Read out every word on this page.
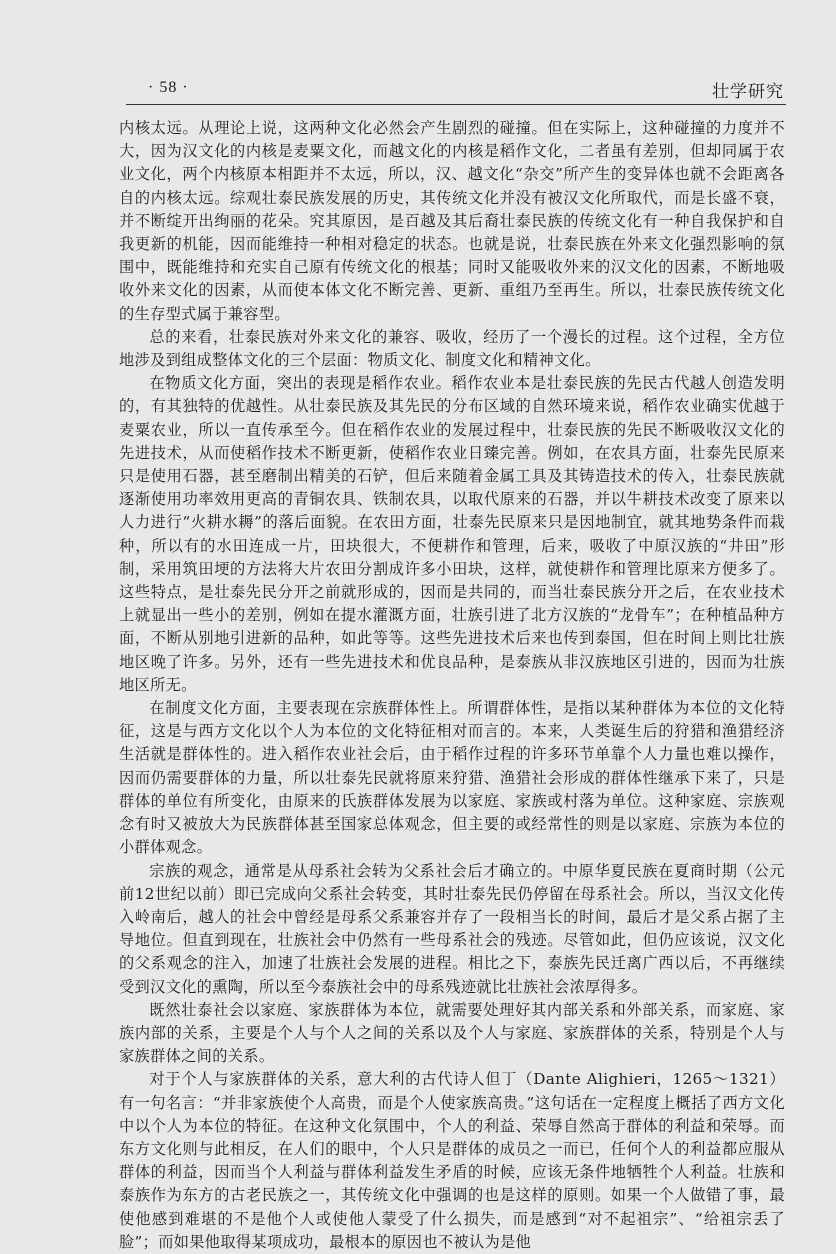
· 58 ·	壮学研究

内核太远。从理论上说，这两种文化必然会产生剧烈的碰撞。但在实际上，这种碰撞的力度并不大，因为汉文化的内核是麦粟文化，而越文化的内核是稻作文化，二者虽有差别，但却同属于农业文化，两个内核原本相距并不太远，所以，汉、越文化“杂交”所产生的变异体也就不会距离各自的内核太远。综观壮泰民族发展的历史，其传统文化并没有被汉文化所取代，而是长盛不衰，并不断绽开出绚丽的花朵。究其原因，是百越及其后裔壮泰民族的传统文化有一种自我保护和自我更新的机能，因而能维持一种相对稳定的状态。也就是说，壮泰民族在外来文化强烈影响的氛围中，既能维持和充实自己原有传统文化的根基；同时又能吸收外来的汉文化的因素，不断地吸收外来文化的因素，从而使本体文化不断完善、更新、重组乃至再生。所以，壮泰民族传统文化的生存型式属于兼容型。

总的来看，壮泰民族对外来文化的兼容、吸收，经历了一个漫长的过程。这个过程，全方位地涉及到组成整体文化的三个层面：物质文化、制度文化和精神文化。

在物质文化方面，突出的表现是稻作农业。稻作农业本是壮泰民族的先民古代越人创造发明的，有其独特的优越性。从壮泰民族及其先民的分布区域的自然环境来说，稻作农业确实优越于麦粟农业，所以一直传承至今。但在稻作农业的发展过程中，壮泰民族的先民不断吸收汉文化的先进技术，从而使稻作技术不断更新，使稻作农业日臻完善。例如，在农具方面，壮泰先民原来只是使用石器，甚至磨制出精美的石铲，但后来随着金属工具及其铸造技术的传入，壮泰民族就逐渐使用功率效用更高的青铜农具、铁制农具，以取代原来的石器，并以牛耕技术改变了原来以人力进行“火耕水耨”的落后面貌。在农田方面，壮泰先民原来只是因地制宜，就其地势条件而栽种，所以有的水田连成一片，田块很大，不便耕作和管理，后来，吸收了中原汉族的“井田”形制，采用筑田埂的方法将大片农田分割成许多小田块，这样，就使耕作和管理比原来方便多了。这些特点，是壮泰先民分开之前就形成的，因而是共同的，而当壮泰民族分开之后，在农业技术上就显出一些小的差别，例如在提水灌溉方面，壮族引进了北方汉族的“龙骨车”；在种植品种方面，不断从别地引进新的品种，如此等等。这些先进技术后来也传到泰国，但在时间上则比壮族地区晚了许多。另外，还有一些先进技术和优良品种，是泰族从非汉族地区引进的，因而为壮族地区所无。

在制度文化方面，主要表现在宗族群体性上。所谓群体性，是指以某种群体为本位的文化特征，这是与西方文化以个人为本位的文化特征相对而言的。本来，人类诞生后的狩猎和渔猎经济生活就是群体性的。进入稻作农业社会后，由于稻作过程的许多环节单靠个人力量也难以操作，因而仍需要群体的力量，所以壮泰先民就将原来狩猎、渔猎社会形成的群体性继承下来了，只是群体的单位有所变化，由原来的氏族群体发展为以家庭、家族或村落为单位。这种家庭、宗族观念有时又被放大为民族群体甚至国家总体观念，但主要的或经常性的则是以家庭、宗族为本位的小群体观念。

宗族的观念，通常是从母系社会转为父系社会后才确立的。中原华夏民族在夏商时期（公元前12世纪以前）即已完成向父系社会转变，其时壮泰先民仍停留在母系社会。所以，当汉文化传入岭南后，越人的社会中曾经是母系父系兼容并存了一段相当长的时间，最后才是父系占据了主导地位。但直到现在，壮族社会中仍然有一些母系社会的残迹。尽管如此，但仍应该说，汉文化的父系观念的注入，加速了壮族社会发展的进程。相比之下，泰族先民迁离广西以后，不再继续受到汉文化的熏陶，所以至今泰族社会中的母系残迹就比壮族社会浓厚得多。

既然壮泰社会以家庭、家族群体为本位，就需要处理好其内部关系和外部关系，而家庭、家族内部的关系，主要是个人与个人之间的关系以及个人与家庭、家族群体的关系，特别是个人与家族群体之间的关系。

对于个人与家族群体的关系，意大利的古代诗人但丁（Dante Alighieri，1265～1321）有一句名言：“并非家族使个人高贵，而是个人使家族高贵。”这句话在一定程度上概括了西方文化中以个人为本位的特征。在这种文化氛围中，个人的利益、荣辱自然高于群体的利益和荣辱。而东方文化则与此相反，在人们的眼中，个人只是群体的成员之一而已，任何个人的利益都应服从群体的利益，因而当个人利益与群体利益发生矛盾的时候，应该无条件地牺牲个人利益。壮族和泰族作为东方的古老民族之一，其传统文化中强调的也是这样的原则。如果一个人做错了事，最使他感到难堪的不是他个人或使他人蒙受了什么损失，而是感到“对不起祖宗”、“给祖宗丢了脸”；而如果他取得某项成功，最根本的原因也不被认为是他
